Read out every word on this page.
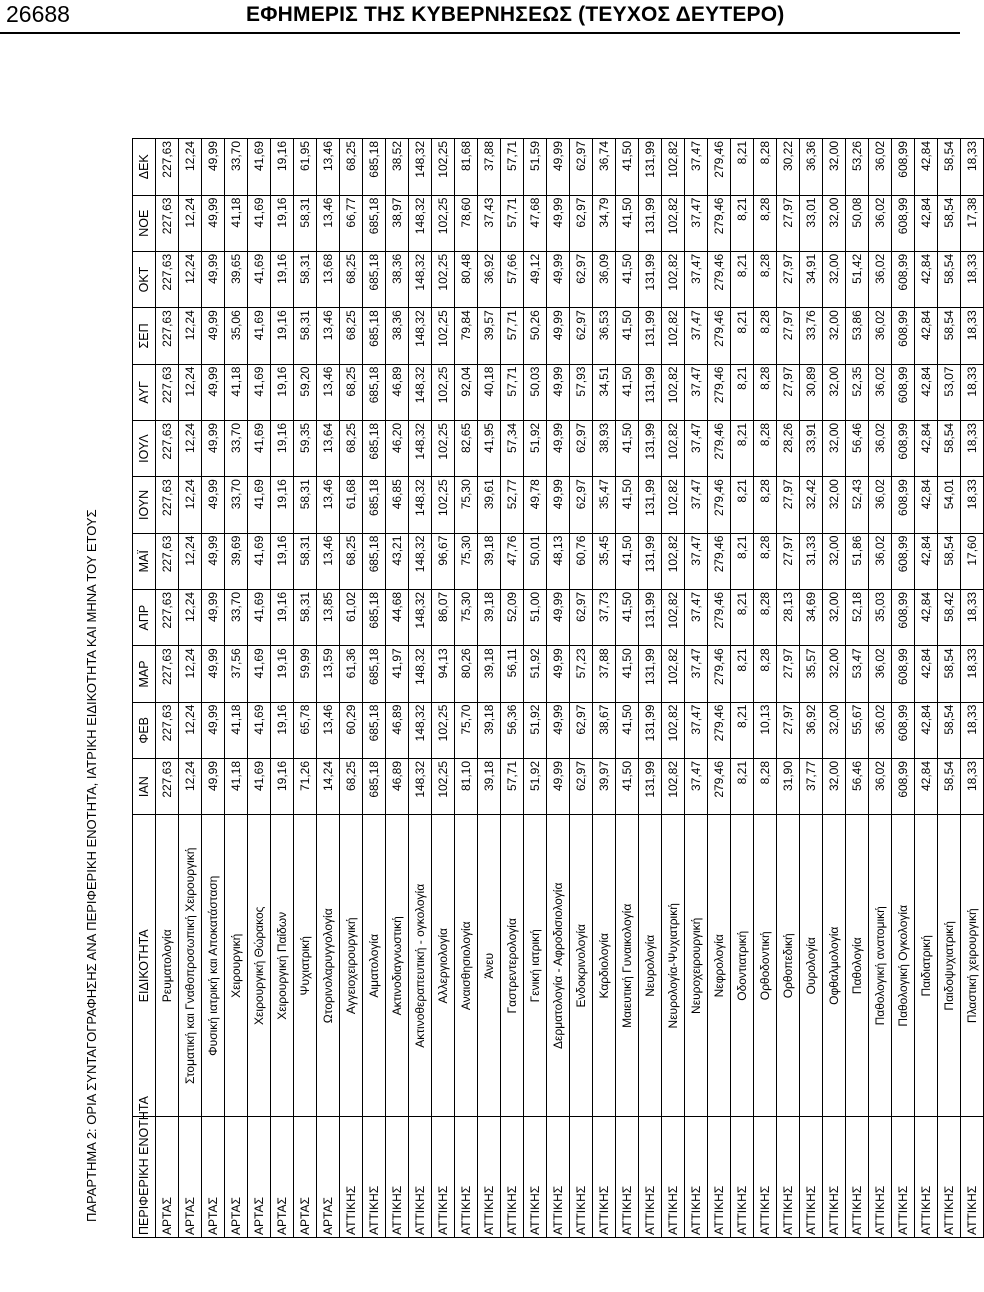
26688	ΕΦΗΜΕΡΙΣ ΤΗΣ ΚΥΒΕΡΝΗΣΕΩΣ (ΤΕΥΧΟΣ ΔΕΥΤΕΡΟ)
ΠΑΡΑΡΤΗΜΑ 2: ΟΡΙΑ ΣΥΝΤΑΓΟΓΡΑΦΗΣΗΣ ΑΝΑ ΠΕΡΙΦΕΡΙΚΗ ΕΝΟΤΗΤΑ, ΙΑΤΡΙΚΗ ΕΙΔΙΚΟΤΗΤΑ ΚΑΙ ΜΗΝΑ ΤΟΥ ΕΤΟΥΣ	ΠΕΡΙΦΕΡΙΚΗ ΕΝΟΤΗΤΑ	ΕΙΔΙΚΟΤΗΤΑ	ΙΑΝ	ΦΕΒ	ΜΑΡ	ΑΠΡ	ΜΑΪ	ΙΟΥΝ	ΙΟΥΛ	ΑΥΓ	ΣΕΠ	ΟΚΤ	ΝΟΕ	ΔΕΚ
ΑΡΤΑΣ	Ρευματολογία	227,63	227,63	227,63	227,63	227,63	227,63	227,63	227,63	227,63	227,63	227,63	227,63
ΑΡΤΑΣ	Στοματική και Γναθοπροσωπική Χειρουργική	12,24	12,24	12,24	12,24	12,24	12,24	12,24	12,24	12,24	12,24	12,24	12,24
ΑΡΤΑΣ	Φυσική ιατρική και Αποκατάσταση	49,99	49,99	49,99	49,99	49,99	49,99	49,99	49,99	49,99	49,99	49,99	49,99
ΑΡΤΑΣ	Χειρουργική	41,18	41,18	37,56	33,70	39,69	33,70	33,70	41,18	35,06	39,65	41,18	33,70
ΑΡΤΑΣ	Χειρουργική Θώρακος	41,69	41,69	41,69	41,69	41,69	41,69	41,69	41,69	41,69	41,69	41,69	41,69
ΑΡΤΑΣ	Χειρουργική Παίδων	19,16	19,16	19,16	19,16	19,16	19,16	19,16	19,16	19,16	19,16	19,16	19,16
ΑΡΤΑΣ	Ψυχιατρική	71,26	65,78	59,99	58,31	58,31	58,31	59,35	59,20	58,31	58,31	58,31	61,95
ΑΡΤΑΣ	Ωτορινολαρυγγολογία	14,24	13,46	13,59	13,85	13,46	13,46	13,64	13,46	13,46	13,68	13,46	13,46
ΑΤΤΙΚΗΣ	Αγγειοχειρουργική	68,25	60,29	61,36	61,02	68,25	61,68	68,25	68,25	68,25	68,25	66,77	68,25
ΑΤΤΙΚΗΣ	Αιματολογία	685,18	685,18	685,18	685,18	685,18	685,18	685,18	685,18	685,18	685,18	685,18	685,18
ΑΤΤΙΚΗΣ	Ακτινοδιαγνωστική	46,89	46,89	41,97	44,68	43,21	46,85	46,20	46,89	38,36	38,36	38,97	38,52
ΑΤΤΙΚΗΣ	Ακτινοθεραπευτική - ογκολογία	148,32	148,32	148,32	148,32	148,32	148,32	148,32	148,32	148,32	148,32	148,32	148,32
ΑΤΤΙΚΗΣ	Αλλεργιολογία	102,25	102,25	94,13	86,07	96,67	102,25	102,25	102,25	102,25	102,25	102,25	102,25
ΑΤΤΙΚΗΣ	Αναισθησιολογία	81,10	75,70	80,26	75,30	75,30	75,30	82,65	92,04	79,84	80,48	78,60	81,68
ΑΤΤΙΚΗΣ	Άνευ	39,18	39,18	39,18	39,18	39,18	39,61	41,95	40,18	39,57	36,92	37,43	37,88
ΑΤΤΙΚΗΣ	Γαστρεντερολογία	57,71	56,36	56,11	52,09	47,76	52,77	57,34	57,71	57,71	57,66	57,71	57,71
ΑΤΤΙΚΗΣ	Γενική ιατρική	51,92	51,92	51,92	51,00	50,01	49,78	51,92	50,03	50,26	49,12	47,68	51,59
ΑΤΤΙΚΗΣ	Δερματολογία - Αφροδισιολογία	49,99	49,99	49,99	49,99	48,13	49,99	49,99	49,99	49,99	49,99	49,99	49,99
ΑΤΤΙΚΗΣ	Ενδοκρινολογία	62,97	62,97	57,23	62,97	60,76	62,97	62,97	57,93	62,97	62,97	62,97	62,97
ΑΤΤΙΚΗΣ	Καρδιολογία	39,97	38,67	37,88	37,73	35,45	35,47	38,93	34,51	36,53	36,09	34,79	36,74
ΑΤΤΙΚΗΣ	Μαιευτική Γυναικολογία	41,50	41,50	41,50	41,50	41,50	41,50	41,50	41,50	41,50	41,50	41,50	41,50
ΑΤΤΙΚΗΣ	Νευρολογία	131,99	131,99	131,99	131,99	131,99	131,99	131,99	131,99	131,99	131,99	131,99	131,99
ΑΤΤΙΚΗΣ	Νευρολογία-Ψυχιατρική	102,82	102,82	102,82	102,82	102,82	102,82	102,82	102,82	102,82	102,82	102,82	102,82
ΑΤΤΙΚΗΣ	Νευροχειρουργική	37,47	37,47	37,47	37,47	37,47	37,47	37,47	37,47	37,47	37,47	37,47	37,47
ΑΤΤΙΚΗΣ	Νεφρολογία	279,46	279,46	279,46	279,46	279,46	279,46	279,46	279,46	279,46	279,46	279,46	279,46
ΑΤΤΙΚΗΣ	Οδοντιατρική	8,21	8,21	8,21	8,21	8,21	8,21	8,21	8,21	8,21	8,21	8,21	8,21
ΑΤΤΙΚΗΣ	Ορθοδοντική	8,28	10,13	8,28	8,28	8,28	8,28	8,28	8,28	8,28	8,28	8,28	8,28
ΑΤΤΙΚΗΣ	Ορθοπεδική	31,90	27,97	27,97	28,13	27,97	27,97	28,26	27,97	27,97	27,97	27,97	30,22
ΑΤΤΙΚΗΣ	Ουρολογία	37,77	36,92	35,57	34,69	31,33	32,42	33,91	30,89	33,76	34,91	33,01	36,36
ΑΤΤΙΚΗΣ	Οφθαλμολογία	32,00	32,00	32,00	32,00	32,00	32,00	32,00	32,00	32,00	32,00	32,00	32,00
ΑΤΤΙΚΗΣ	Παθολογία	56,46	55,67	53,47	52,18	51,86	52,43	56,46	52,35	53,86	51,42	50,08	53,26
ΑΤΤΙΚΗΣ	Παθολογική ανατομική	36,02	36,02	36,02	35,03	36,02	36,02	36,02	36,02	36,02	36,02	36,02	36,02
ΑΤΤΙΚΗΣ	Παθολογική Ογκολογία	608,99	608,99	608,99	608,99	608,99	608,99	608,99	608,99	608,99	608,99	608,99	608,99
ΑΤΤΙΚΗΣ	Παιδιατρική	42,84	42,84	42,84	42,84	42,84	42,84	42,84	42,84	42,84	42,84	42,84	42,84
ΑΤΤΙΚΗΣ	Παιδοψυχιατρική	58,54	58,54	58,54	58,42	58,54	54,01	58,54	53,07	58,54	58,54	58,54	58,54
ΑΤΤΙΚΗΣ	Πλαστική χειρουργική	18,33	18,33	18,33	18,33	17,60	18,33	18,33	18,33	18,33	18,33	17,38	18,33
